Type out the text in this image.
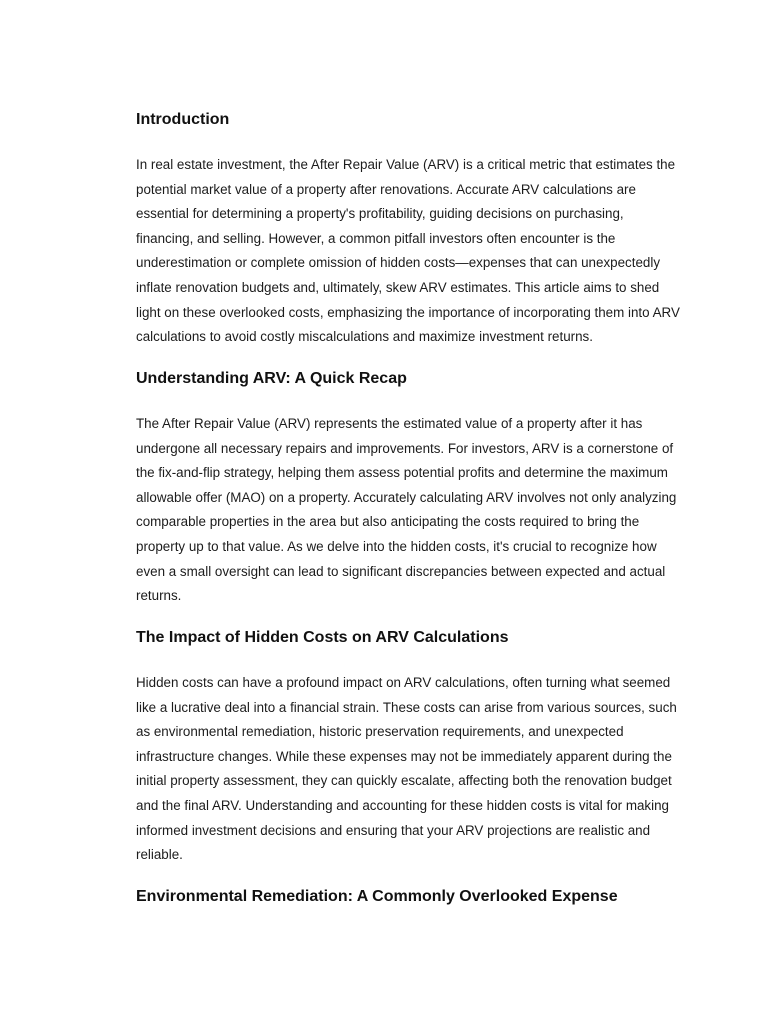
Introduction

In real estate investment, the After Repair Value (ARV) is a critical metric that estimates the potential market value of a property after renovations. Accurate ARV calculations are essential for determining a property's profitability, guiding decisions on purchasing, financing, and selling. However, a common pitfall investors often encounter is the underestimation or complete omission of hidden costs—expenses that can unexpectedly inflate renovation budgets and, ultimately, skew ARV estimates. This article aims to shed light on these overlooked costs, emphasizing the importance of incorporating them into ARV calculations to avoid costly miscalculations and maximize investment returns.

Understanding ARV: A Quick Recap

The After Repair Value (ARV) represents the estimated value of a property after it has undergone all necessary repairs and improvements. For investors, ARV is a cornerstone of the fix-and-flip strategy, helping them assess potential profits and determine the maximum allowable offer (MAO) on a property. Accurately calculating ARV involves not only analyzing comparable properties in the area but also anticipating the costs required to bring the property up to that value. As we delve into the hidden costs, it's crucial to recognize how even a small oversight can lead to significant discrepancies between expected and actual returns.

The Impact of Hidden Costs on ARV Calculations

Hidden costs can have a profound impact on ARV calculations, often turning what seemed like a lucrative deal into a financial strain. These costs can arise from various sources, such as environmental remediation, historic preservation requirements, and unexpected infrastructure changes. While these expenses may not be immediately apparent during the initial property assessment, they can quickly escalate, affecting both the renovation budget and the final ARV. Understanding and accounting for these hidden costs is vital for making informed investment decisions and ensuring that your ARV projections are realistic and reliable.

Environmental Remediation: A Commonly Overlooked Expense
